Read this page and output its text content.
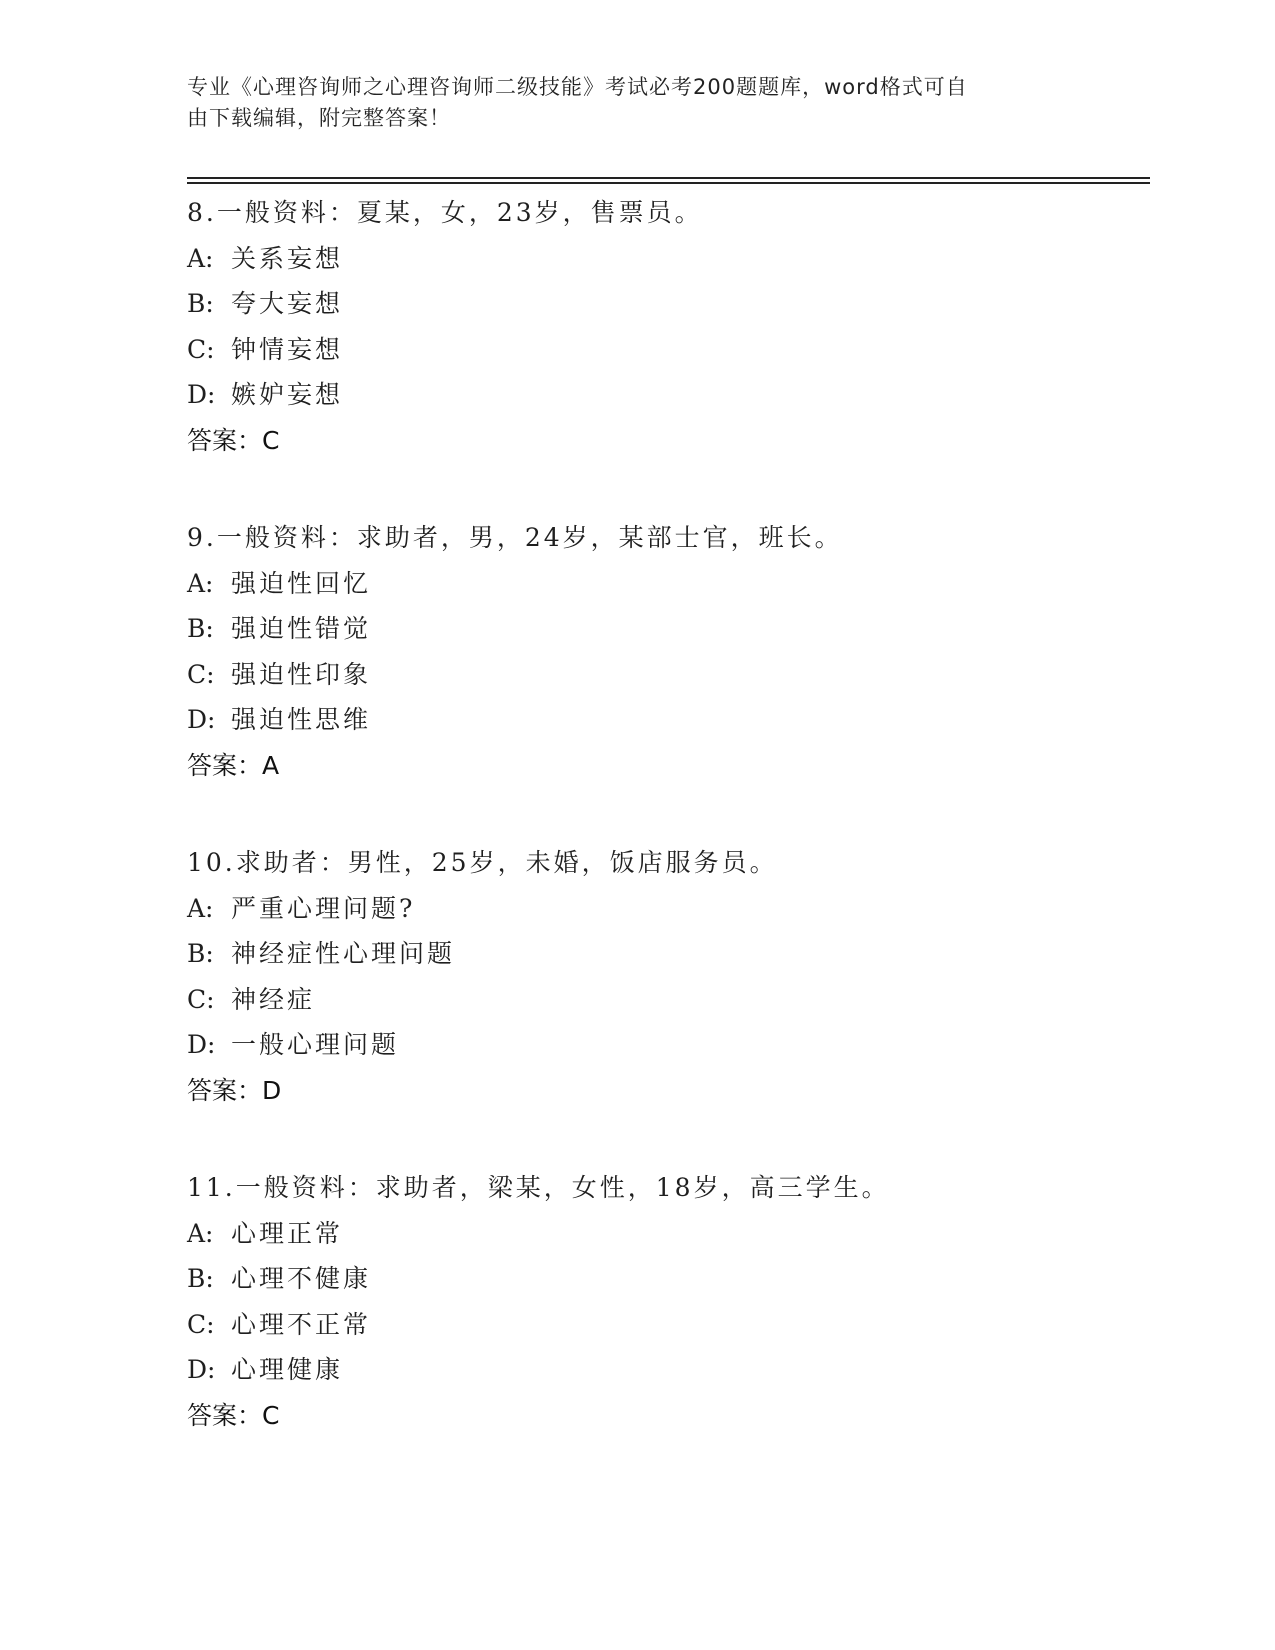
专业《心理咨询师之心理咨询师二级技能》考试必考200题题库，word格式可自
由下载编辑，附完整答案！
8.一般资料：夏某，女，23岁，售票员。
A: 关系妄想
B: 夸大妄想
C: 钟情妄想
D: 嫉妒妄想
答案：C
9.一般资料：求助者，男，24岁，某部士官，班长。
A: 强迫性回忆
B: 强迫性错觉
C: 强迫性印象
D: 强迫性思维
答案：A
10.求助者：男性，25岁，未婚，饭店服务员。
A: 严重心理问题?
B: 神经症性心理问题
C: 神经症
D: 一般心理问题
答案：D
11.一般资料：求助者，梁某，女性，18岁，高三学生。
A: 心理正常
B: 心理不健康
C: 心理不正常
D: 心理健康
答案：C
